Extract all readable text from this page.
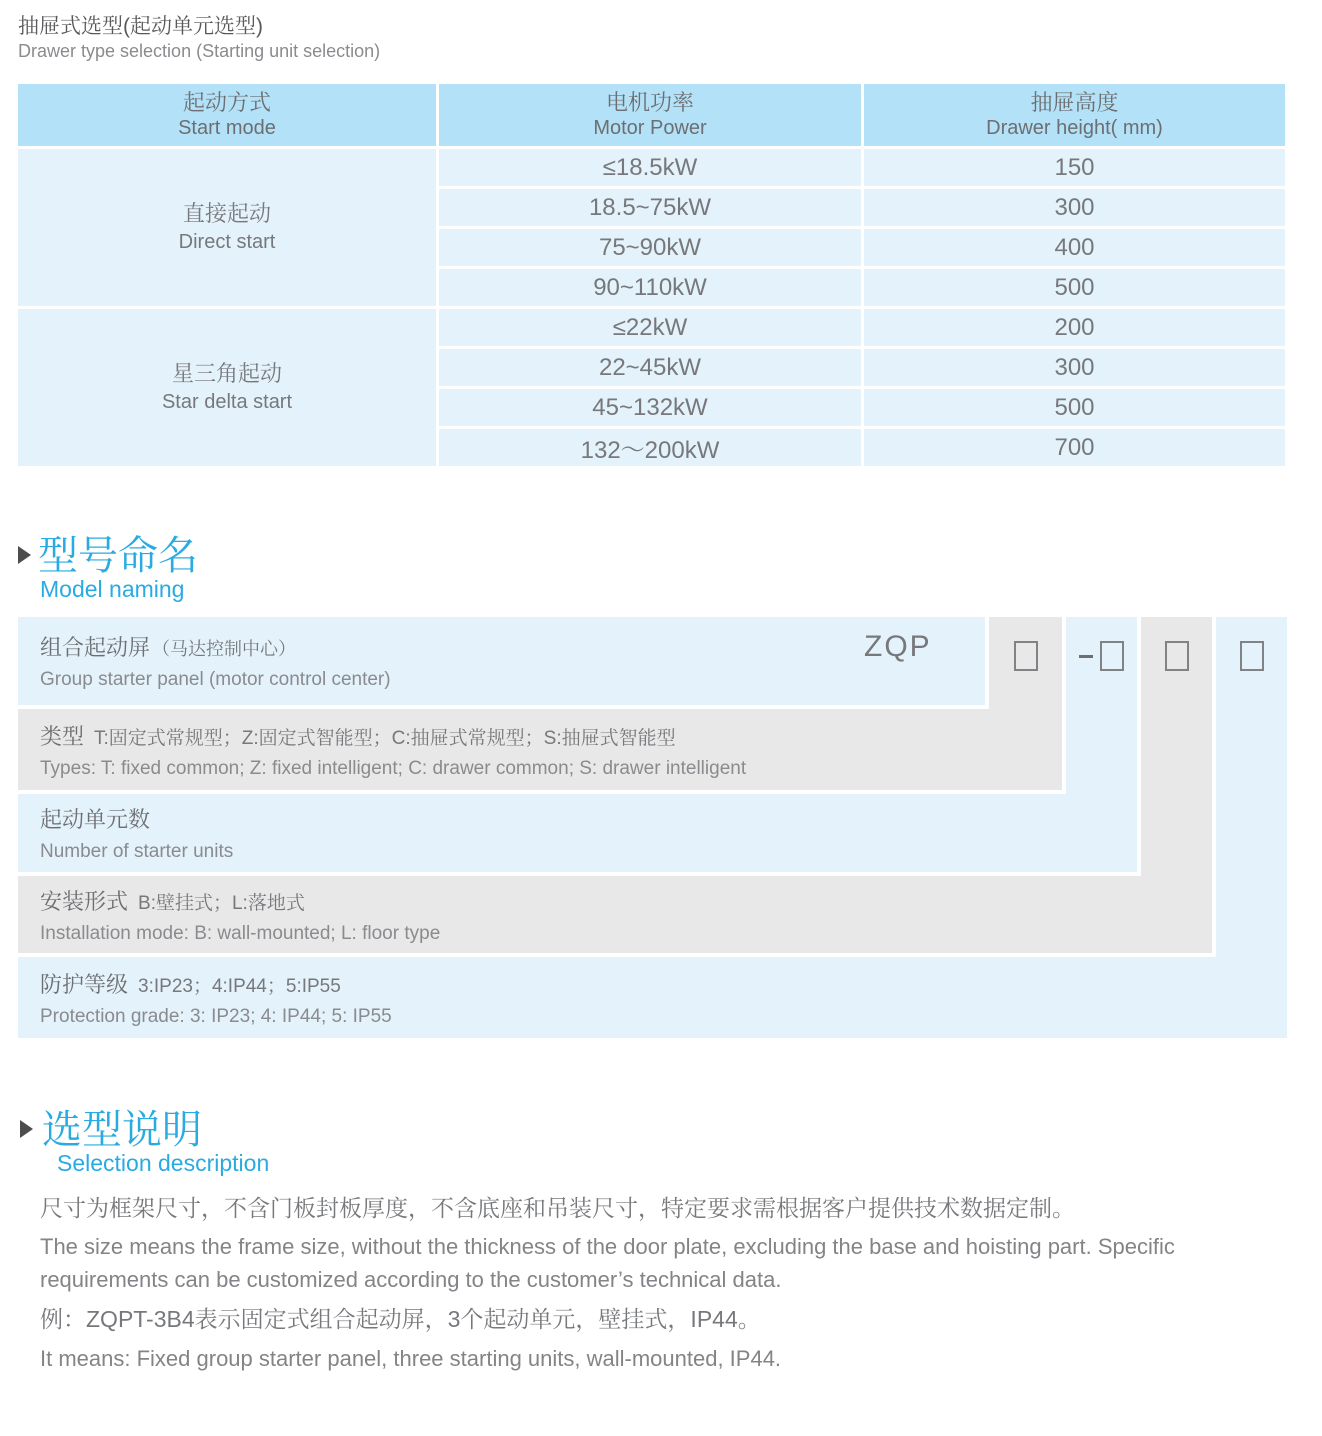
抽屉式选型(起动单元选型)
Drawer type selection (Starting unit selection)
起动方式
Start mode
电机功率
Motor Power
抽屉高度
Drawer height( mm)
直接起动
Direct start
≤18.5kW	150
18.5~75kW	300
75~90kW	400
90~110kW	500
星三角起动
Star delta start
≤22kW	200
22~45kW	300
45~132kW	500
132～200kW	700
型号命名
Model naming
组合起动屏 （马达控制中心）
Group starter panel (motor control center)
类型 T:固定式常规型；Z:固定式智能型；C:抽屉式常规型；S:抽屉式智能型
Types: T: fixed common; Z: fixed intelligent; C: drawer common; S: drawer intelligent
起动单元数
Number of starter units
安装形式 B:壁挂式；L:落地式
Installation mode: B: wall-mounted; L: floor type
防护等级 3:IP23；4:IP44；5:IP55
Protection grade: 3: IP23; 4: IP44; 5: IP55
ZQP
选型说明
Selection description

尺寸为框架尺寸，不含门板封板厚度，不含底座和吊装尺寸，特定要求需根据客户提供技术数据定制。

The size means the frame size, without the thickness of the door plate, excluding the base and hoisting part. Specific requirements can be customized according to the customer’s technical data.

例：ZQPT-3B4表示固定式组合起动屏，3个起动单元，壁挂式，IP44。

It means: Fixed group starter panel, three starting units, wall-mounted, IP44.
